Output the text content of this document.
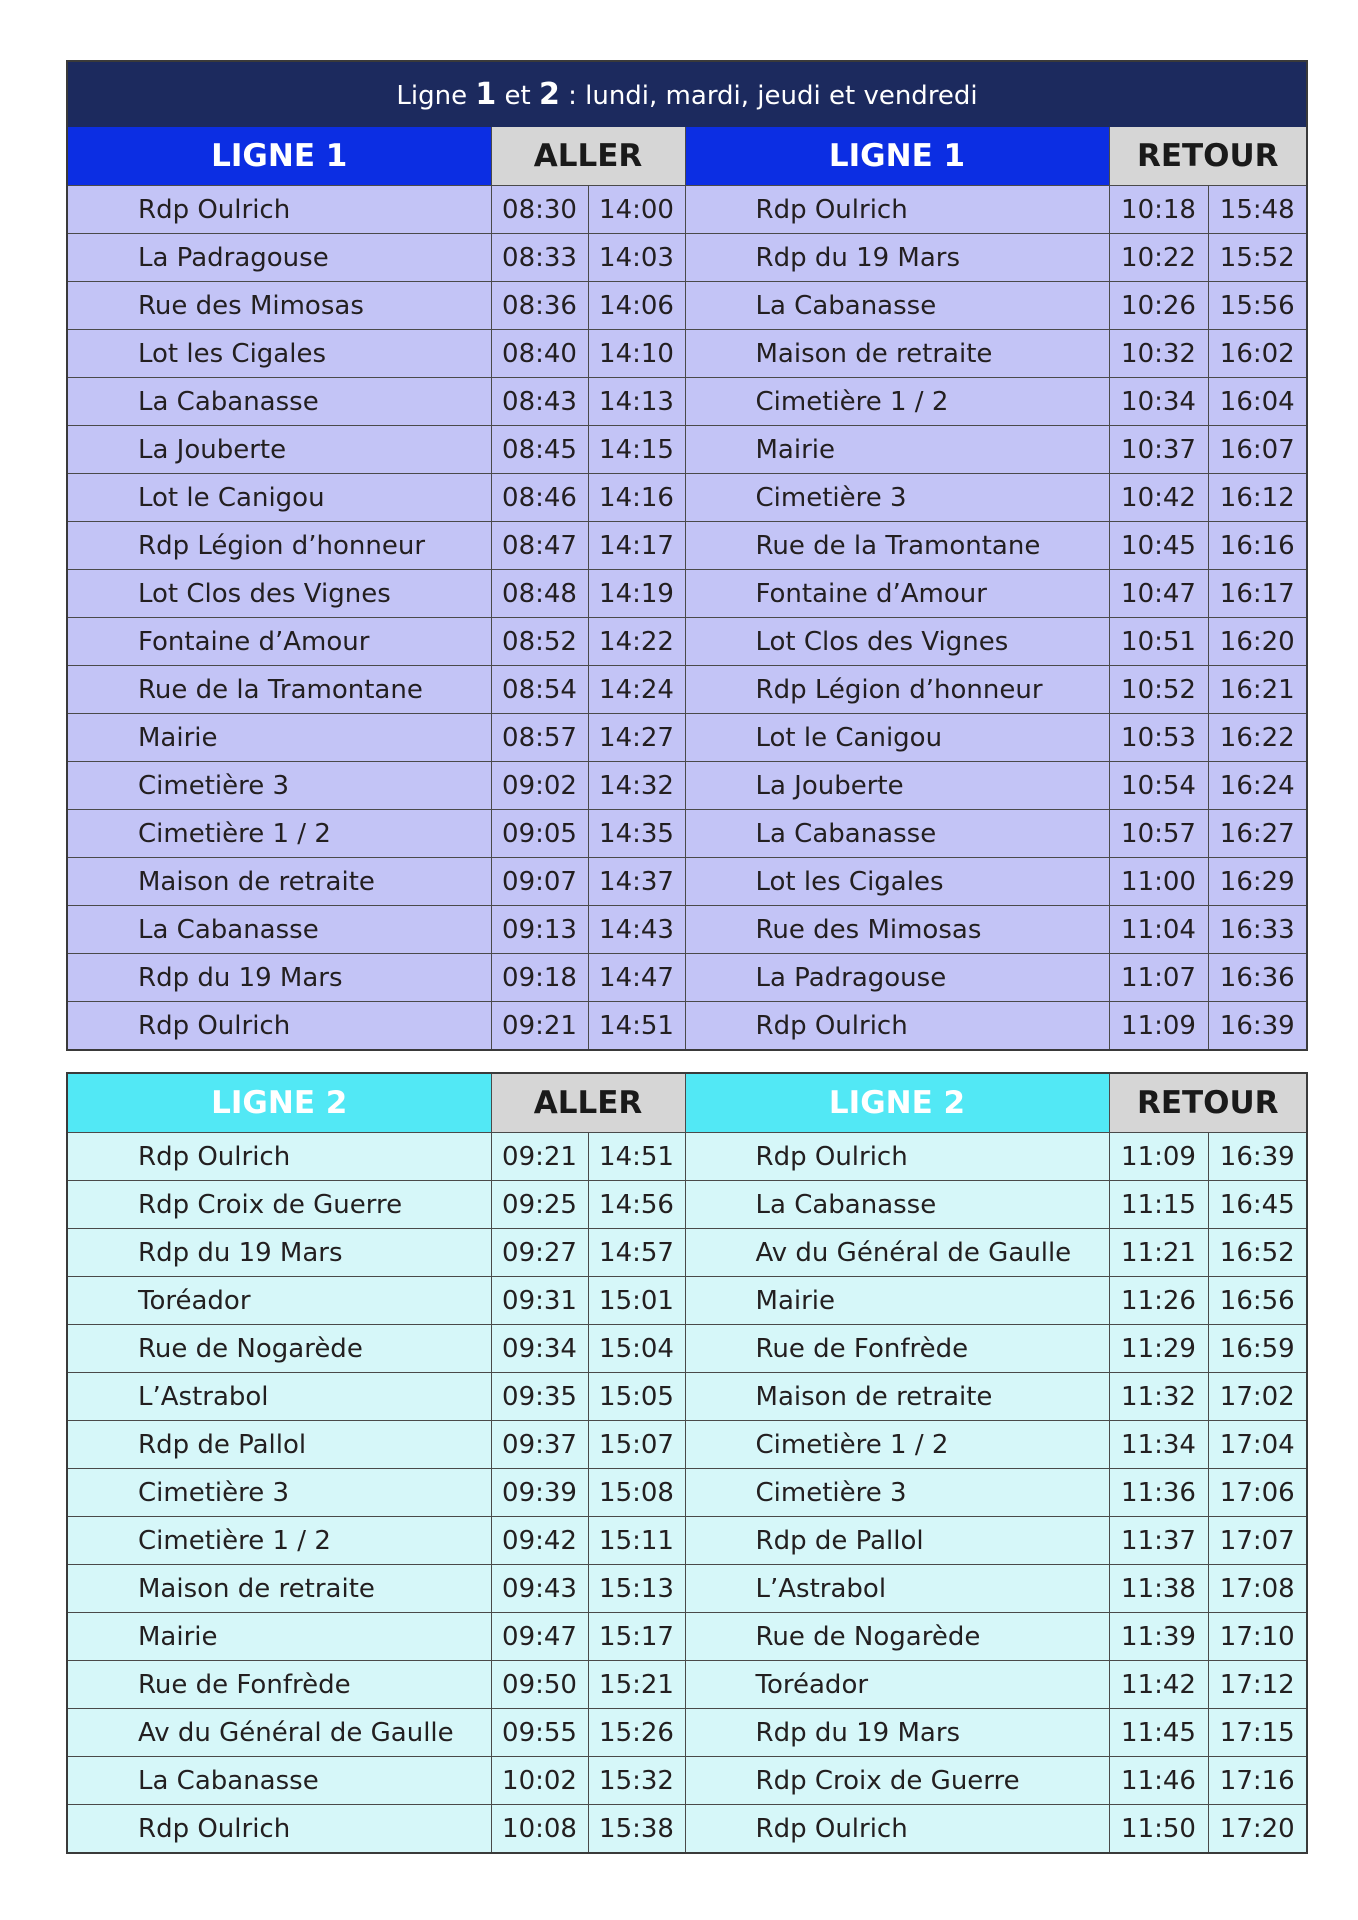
Ligne 1 et 2 : lundi, mardi, jeudi et vendredi					
LIGNE 1	ALLER		LIGNE 1	RETOUR	
Rdp Oulrich	08:30	14:00	Rdp Oulrich	10:18	15:48
La Padragouse	08:33	14:03	Rdp du 19 Mars	10:22	15:52
Rue des Mimosas	08:36	14:06	La Cabanasse	10:26	15:56
Lot les Cigales	08:40	14:10	Maison de retraite	10:32	16:02
La Cabanasse	08:43	14:13	Cimetière 1 / 2	10:34	16:04
La Jouberte	08:45	14:15	Mairie	10:37	16:07
Lot le Canigou	08:46	14:16	Cimetière 3	10:42	16:12
Rdp Légion d’honneur	08:47	14:17	Rue de la Tramontane	10:45	16:16
Lot Clos des Vignes	08:48	14:19	Fontaine d’Amour	10:47	16:17
Fontaine d’Amour	08:52	14:22	Lot Clos des Vignes	10:51	16:20
Rue de la Tramontane	08:54	14:24	Rdp Légion d’honneur	10:52	16:21
Mairie	08:57	14:27	Lot le Canigou	10:53	16:22
Cimetière 3	09:02	14:32	La Jouberte	10:54	16:24
Cimetière 1 / 2	09:05	14:35	La Cabanasse	10:57	16:27
Maison de retraite	09:07	14:37	Lot les Cigales	11:00	16:29
La Cabanasse	09:13	14:43	Rue des Mimosas	11:04	16:33
Rdp du 19 Mars	09:18	14:47	La Padragouse	11:07	16:36
Rdp Oulrich	09:21	14:51	Rdp Oulrich	11:09	16:39
LIGNE 2	ALLER		LIGNE 2	RETOUR	
Rdp Oulrich	09:21	14:51	Rdp Oulrich	11:09	16:39
Rdp Croix de Guerre	09:25	14:56	La Cabanasse	11:15	16:45
Rdp du 19 Mars	09:27	14:57	Av du Général de Gaulle	11:21	16:52
Toréador	09:31	15:01	Mairie	11:26	16:56
Rue de Nogarède	09:34	15:04	Rue de Fonfrède	11:29	16:59
L’Astrabol	09:35	15:05	Maison de retraite	11:32	17:02
Rdp de Pallol	09:37	15:07	Cimetière 1 / 2	11:34	17:04
Cimetière 3	09:39	15:08	Cimetière 3	11:36	17:06
Cimetière 1 / 2	09:42	15:11	Rdp de Pallol	11:37	17:07
Maison de retraite	09:43	15:13	L’Astrabol	11:38	17:08
Mairie	09:47	15:17	Rue de Nogarède	11:39	17:10
Rue de Fonfrède	09:50	15:21	Toréador	11:42	17:12
Av du Général de Gaulle	09:55	15:26	Rdp du 19 Mars	11:45	17:15
La Cabanasse	10:02	15:32	Rdp Croix de Guerre	11:46	17:16
Rdp Oulrich	10:08	15:38	Rdp Oulrich	11:50	17:20
